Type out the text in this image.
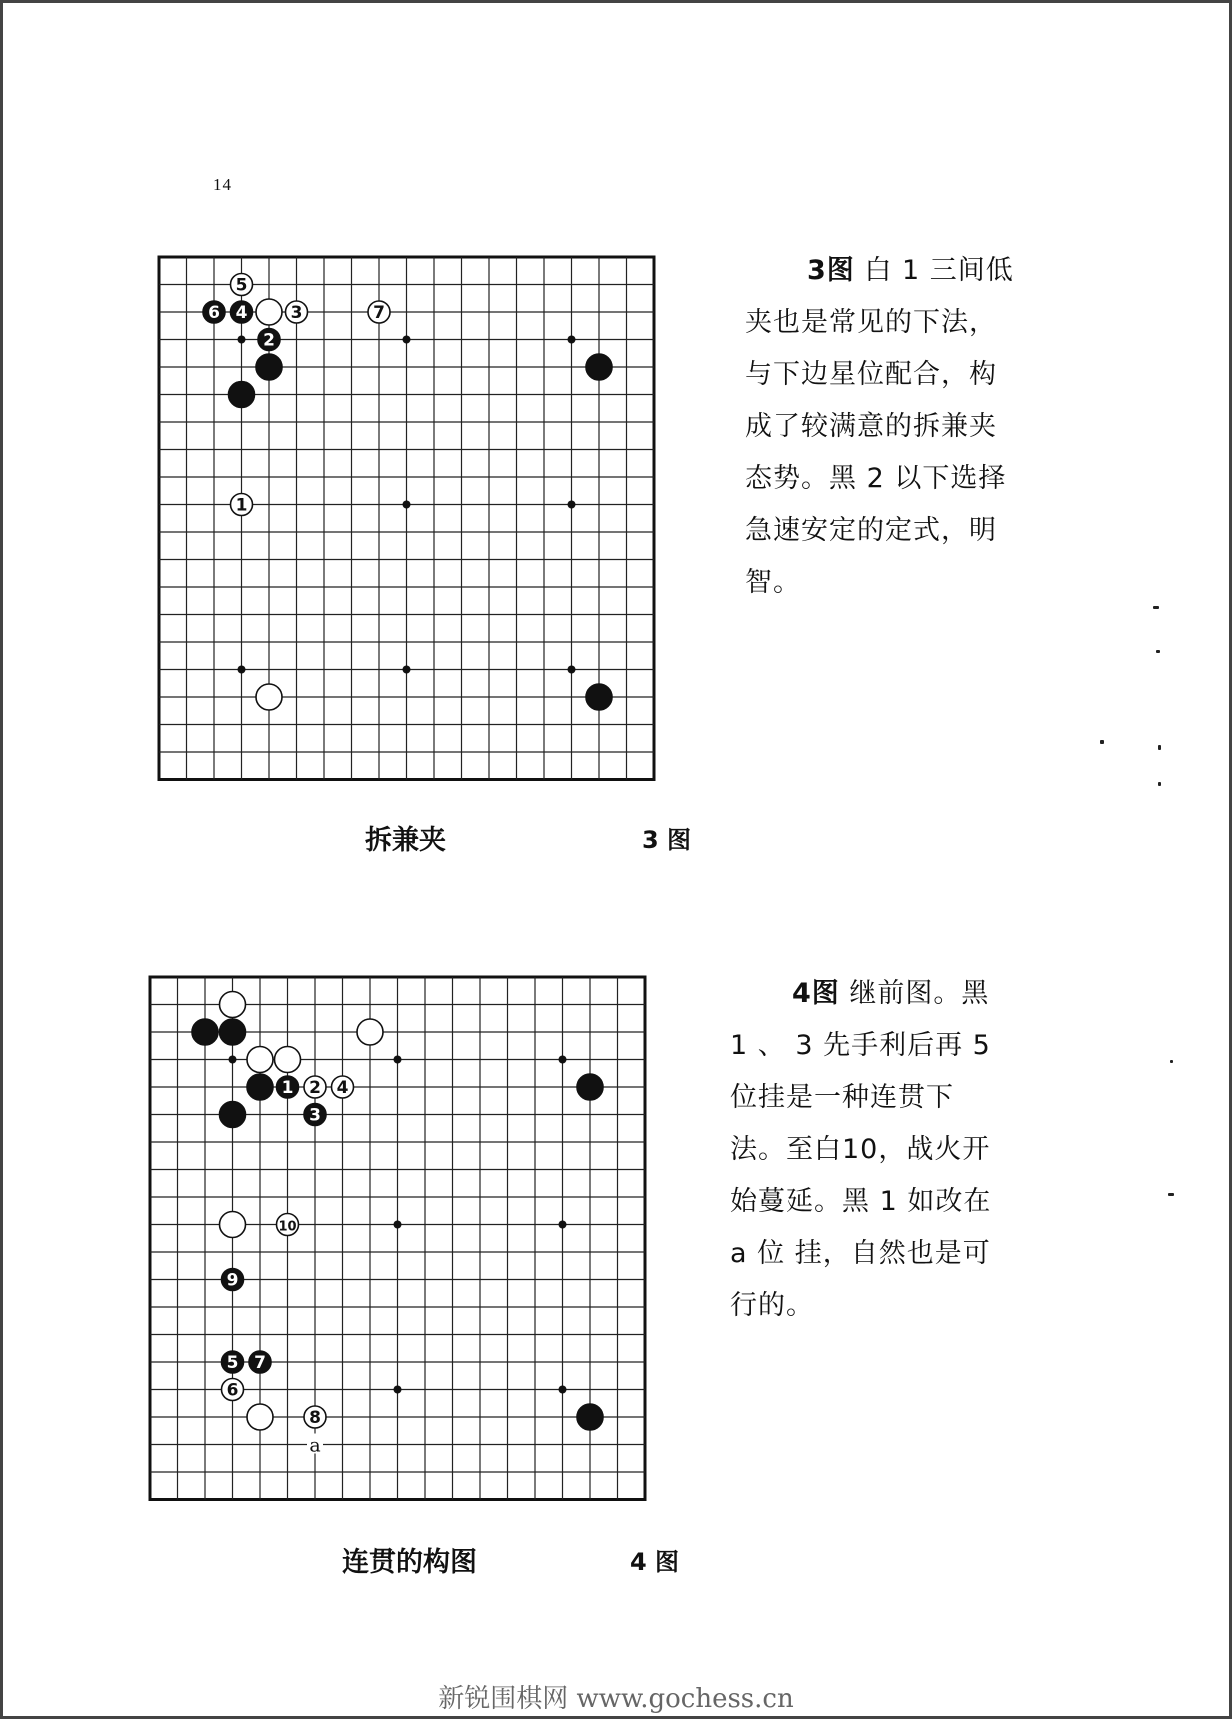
14
1
2
3
4
5
6	7
拆兼夹	3 图
3图 白 1 三间低夹也是常见的下法，与下边星位配合，构成了较满意的拆兼夹态势。黑 2 以下选择急速安定的定式，明智。
1 2
3
4
5
6
7
8
9
10
a
连贯的构图	4 图
4图 继前图。黑 1 、 3 先手利后再 5 位挂是一种连贯下法。至白10，战火开始蔓延。黑 1 如改在a 位 挂，自然也是可行的。
新锐围棋网 www.gochess.cn
